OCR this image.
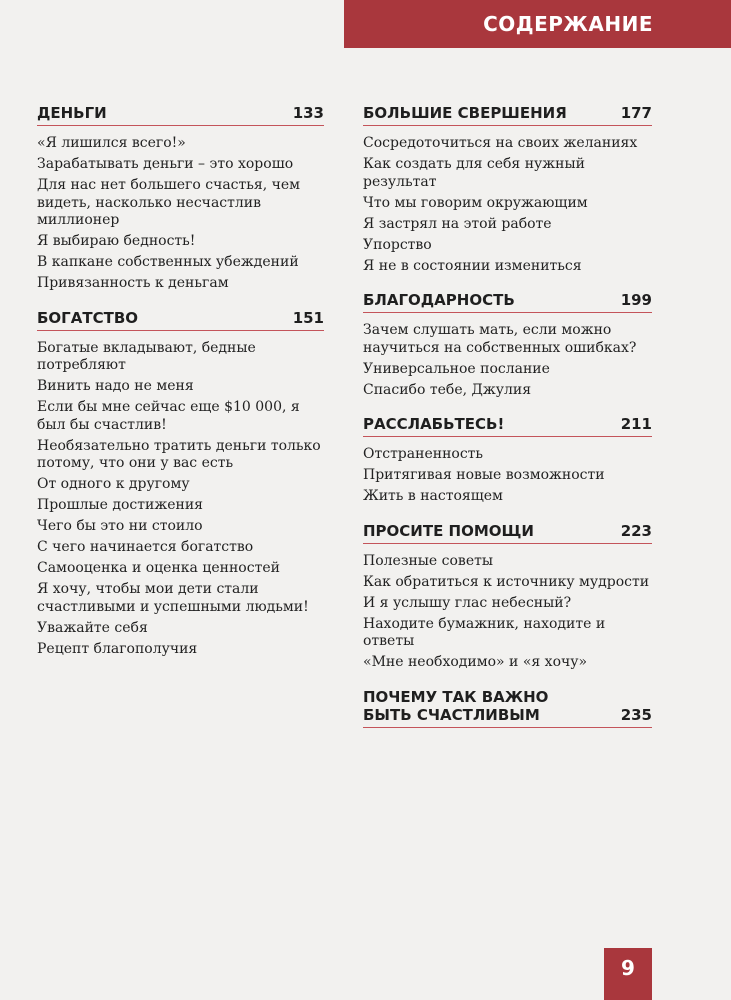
СОДЕРЖАНИЕ
ДЕНЬГИ	133
«Я лишился всего!»
Зарабатывать деньги – это хорошо
Для нас нет большего счастья, чем видеть, насколько несчастлив миллионер
Я выбираю бедность!
В капкане собственных убеждений
Привязанность к деньгам
БОГАТСТВО	151
Богатые вкладывают, бедные потребляют
Винить надо не меня
Если бы мне сейчас еще $10 000, я был бы счастлив!
Необязательно тратить деньги только потому, что они у вас есть
От одного к другому
Прошлые достижения
Чего бы это ни стоило
С чего начинается богатство
Самооценка и оценка ценностей
Я хочу, чтобы мои дети стали счастливыми и успешными людьми!
Уважайте себя
Рецепт благополучия
БОЛЬШИЕ СВЕРШЕНИЯ	177
Сосредоточиться на своих желаниях
Как создать для себя нужный результат
Что мы говорим окружающим
Я застрял на этой работе
Упорство
Я не в состоянии измениться
БЛАГОДАРНОСТЬ	199
Зачем слушать мать, если можно научиться на собственных ошибках?
Универсальное послание
Спасибо тебе, Джулия
РАССЛАБЬТЕСЬ!	211
Отстраненность
Притягивая новые возможности
Жить в настоящем
ПРОСИТЕ ПОМОЩИ	223
Полезные советы
Как обратиться к источнику мудрости
И я услышу глас небесный?
Находите бумажник, находите и ответы
«Мне необходимо» и «я хочу»
ПОЧЕМУ ТАК ВАЖНО
БЫТЬ СЧАСТЛИВЫМ	235
9
